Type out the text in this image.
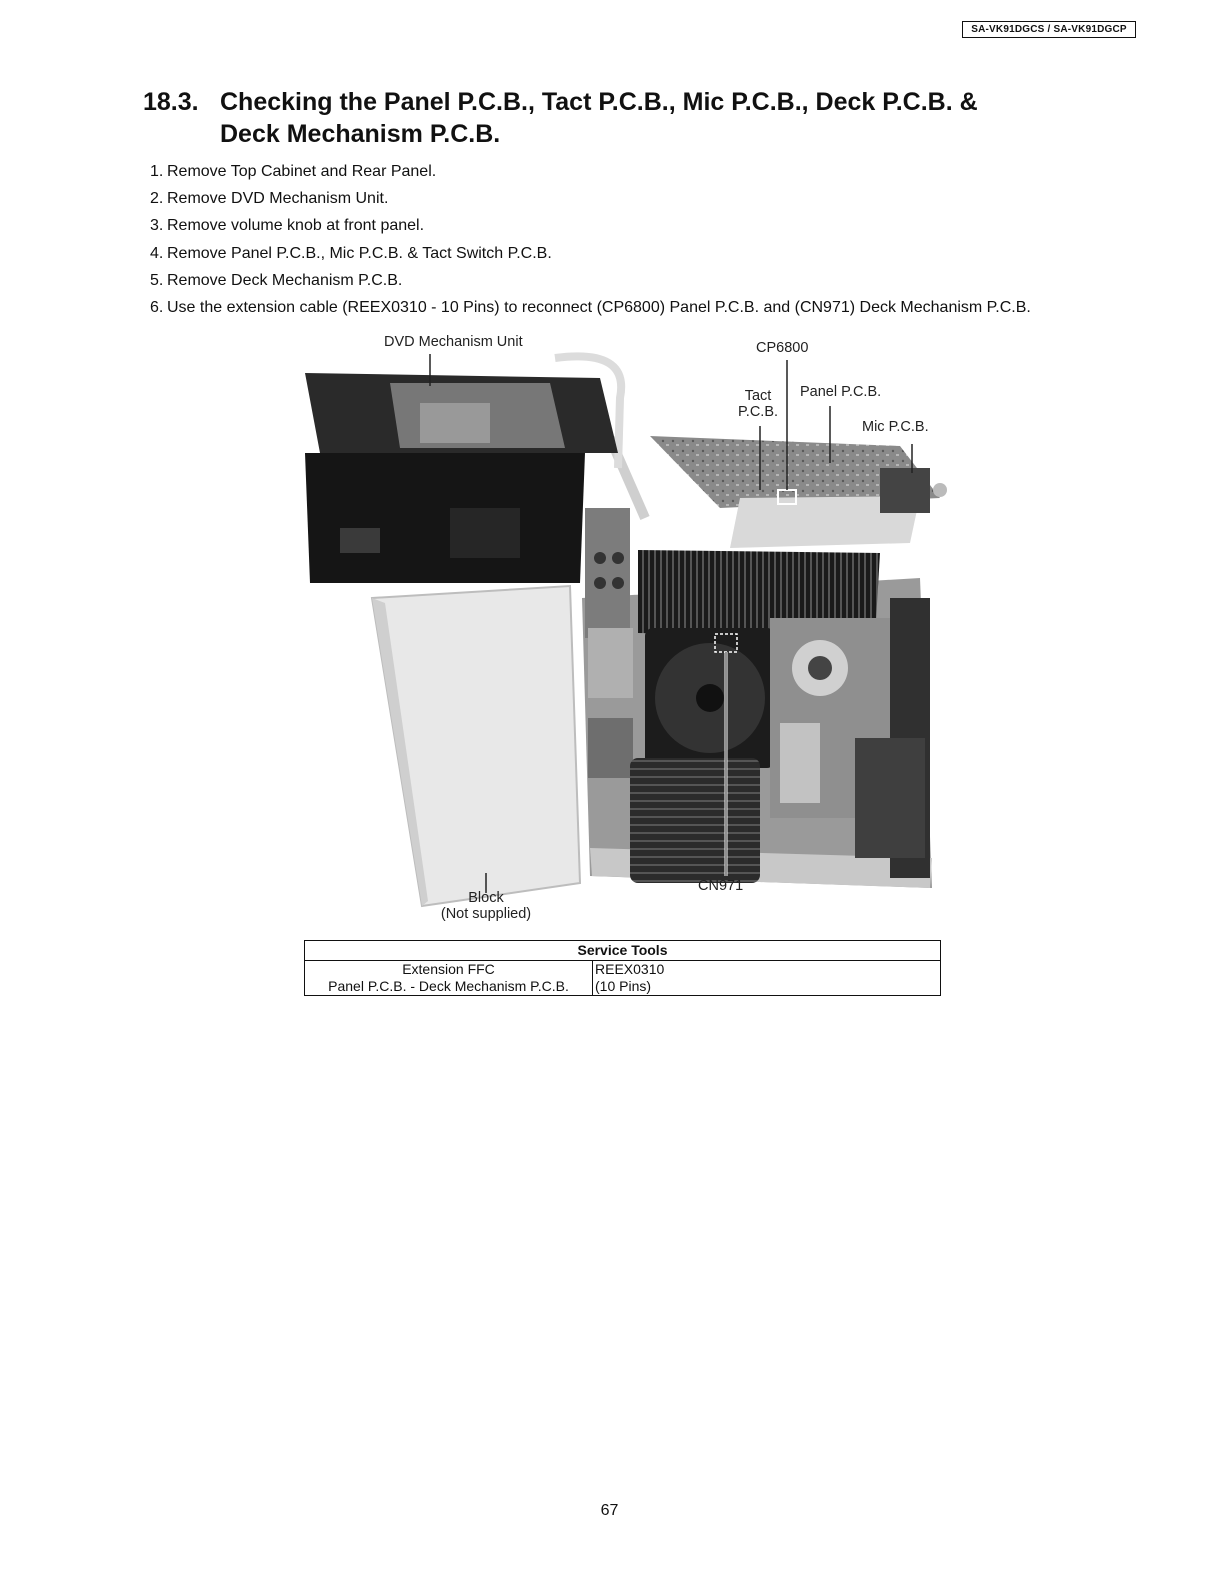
SA-VK91DGCS / SA-VK91DGCP
18.3. Checking the Panel P.C.B., Tact P.C.B., Mic P.C.B., Deck P.C.B. &
Deck Mechanism P.C.B.
1. Remove Top Cabinet and Rear Panel.
2. Remove DVD Mechanism Unit.
3. Remove volume knob at front panel.
4. Remove Panel P.C.B., Mic P.C.B. & Tact Switch P.C.B.
5. Remove Deck Mechanism P.C.B.
6. Use the extension cable (REEX0310 - 10 Pins) to reconnect (CP6800) Panel P.C.B. and (CN971) Deck Mechanism P.C.B.
DVD Mechanism Unit	CP6800
Tact
P.C.B.
Panel P.C.B.
Mic P.C.B.
CN971
Block
(Not supplied)
Service Tools

Extension FFC
Panel P.C.B. - Deck Mechanism P.C.B.

REEX0310
(10 Pins)
67
